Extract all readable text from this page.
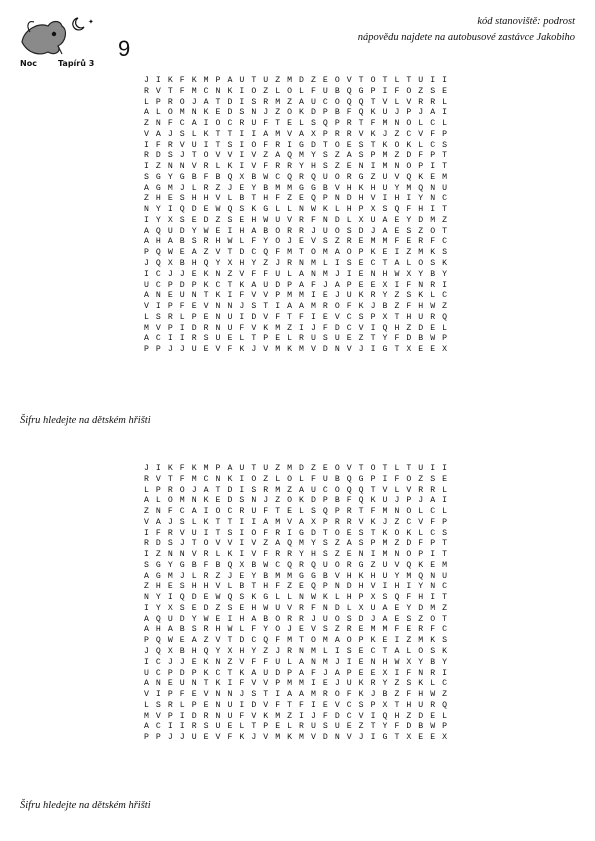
✦
Noc	Tapírů 3
9
kód stanoviště: podrost
nápovědu najdete na autobusové zastávce Jakobiho
J I K F K M P A U T U Z M D Z E O V T O T L T U I I
R V T F M C N K I O Z L O L F U B Q G P I F O Z S E
L P R O J A T D I S R M Z A U C O Q Q T V L V R R L
A L O M N K E D S N J Z O K D P B F Q K U J P J A I
Z N F C A I O C R U F T E L S Q P R T F M N O L C L
V A J S L K T T I I A M V A X P R R V K J Z C V F P
I F R V U I T S I O F R I G D T O E S T K O K L C S
R D S J T O V V I V Z A Q M Y S Z A S P M Z D F P T
I Z N N V R L K I V F R R Y H S Z E N I M N O P I T
S G Y G B F B Q X B W C Q R Q U O R G Z U V Q K E M
A G M J L R Z J E Y B M M G G B V H K H U Y M Q N U
Z H E S H H V L B T H F Z E Q P N D H V I H I Y N C
N Y I Q D E W Q S K G L L N W K L H P X S Q F H I T
I Y X S E D Z S E H W U V R F N D L X U A E Y D M Z
A Q U D Y W E I H A B O R R J U O S D J A E S Z O T
A H A B S R H W L F Y O J E V S Z R E M M F E R F C
P Q W E A Z V T D C Q F M T O M A O P K E I Z M K S
J Q X B H Q Y X H Y Z J R N M L I S E C T A L O S K
I C J J E K N Z V F F U L A N M J I E N H W X Y B Y
U C P D P K C T K A U D P A F J A P E E X I F N R I
A N E U N T K I F V V P M M I E J U K R Y Z S K L C
V I P F E V N N J S T I A A M R O F K J B Z F H W Z
L S R L P E N U I D V F T F I E V C S P X T H U R Q
M V P I D R N U F V K M Z I J F D C V I Q H Z D E L
A C I I R S U E L T P E L R U S U E Z T Y F D B W P
P P J J U E V F K J V M K M V D N V J I G T X E E X
Šifru hledejte na dětském hřišti
J I K F K M P A U T U Z M D Z E O V T O T L T U I I
R V T F M C N K I O Z L O L F U B Q G P I F O Z S E
L P R O J A T D I S R M Z A U C O Q Q T V L V R R L
A L O M N K E D S N J Z O K D P B F Q K U J P J A I
Z N F C A I O C R U F T E L S Q P R T F M N O L C L
V A J S L K T T I I A M V A X P R R V K J Z C V F P
I F R V U I T S I O F R I G D T O E S T K O K L C S
R D S J T O V V I V Z A Q M Y S Z A S P M Z D F P T
I Z N N V R L K I V F R R Y H S Z E N I M N O P I T
S G Y G B F B Q X B W C Q R Q U O R G Z U V Q K E M
A G M J L R Z J E Y B M M G G B V H K H U Y M Q N U
Z H E S H H V L B T H F Z E Q P N D H V I H I Y N C
N Y I Q D E W Q S K G L L N W K L H P X S Q F H I T
I Y X S E D Z S E H W U V R F N D L X U A E Y D M Z
A Q U D Y W E I H A B O R R J U O S D J A E S Z O T
A H A B S R H W L F Y O J E V S Z R E M M F E R F C
P Q W E A Z V T D C Q F M T O M A O P K E I Z M K S
J Q X B H Q Y X H Y Z J R N M L I S E C T A L O S K
I C J J E K N Z V F F U L A N M J I E N H W X Y B Y
U C P D P K C T K A U D P A F J A P E E X I F N R I
A N E U N T K I F V V P M M I E J U K R Y Z S K L C
V I P F E V N N J S T I A A M R O F K J B Z F H W Z
L S R L P E N U I D V F T F I E V C S P X T H U R Q
M V P I D R N U F V K M Z I J F D C V I Q H Z D E L
A C I I R S U E L T P E L R U S U E Z T Y F D B W P
P P J J U E V F K J V M K M V D N V J I G T X E E X
Šifru hledejte na dětském hřišti
